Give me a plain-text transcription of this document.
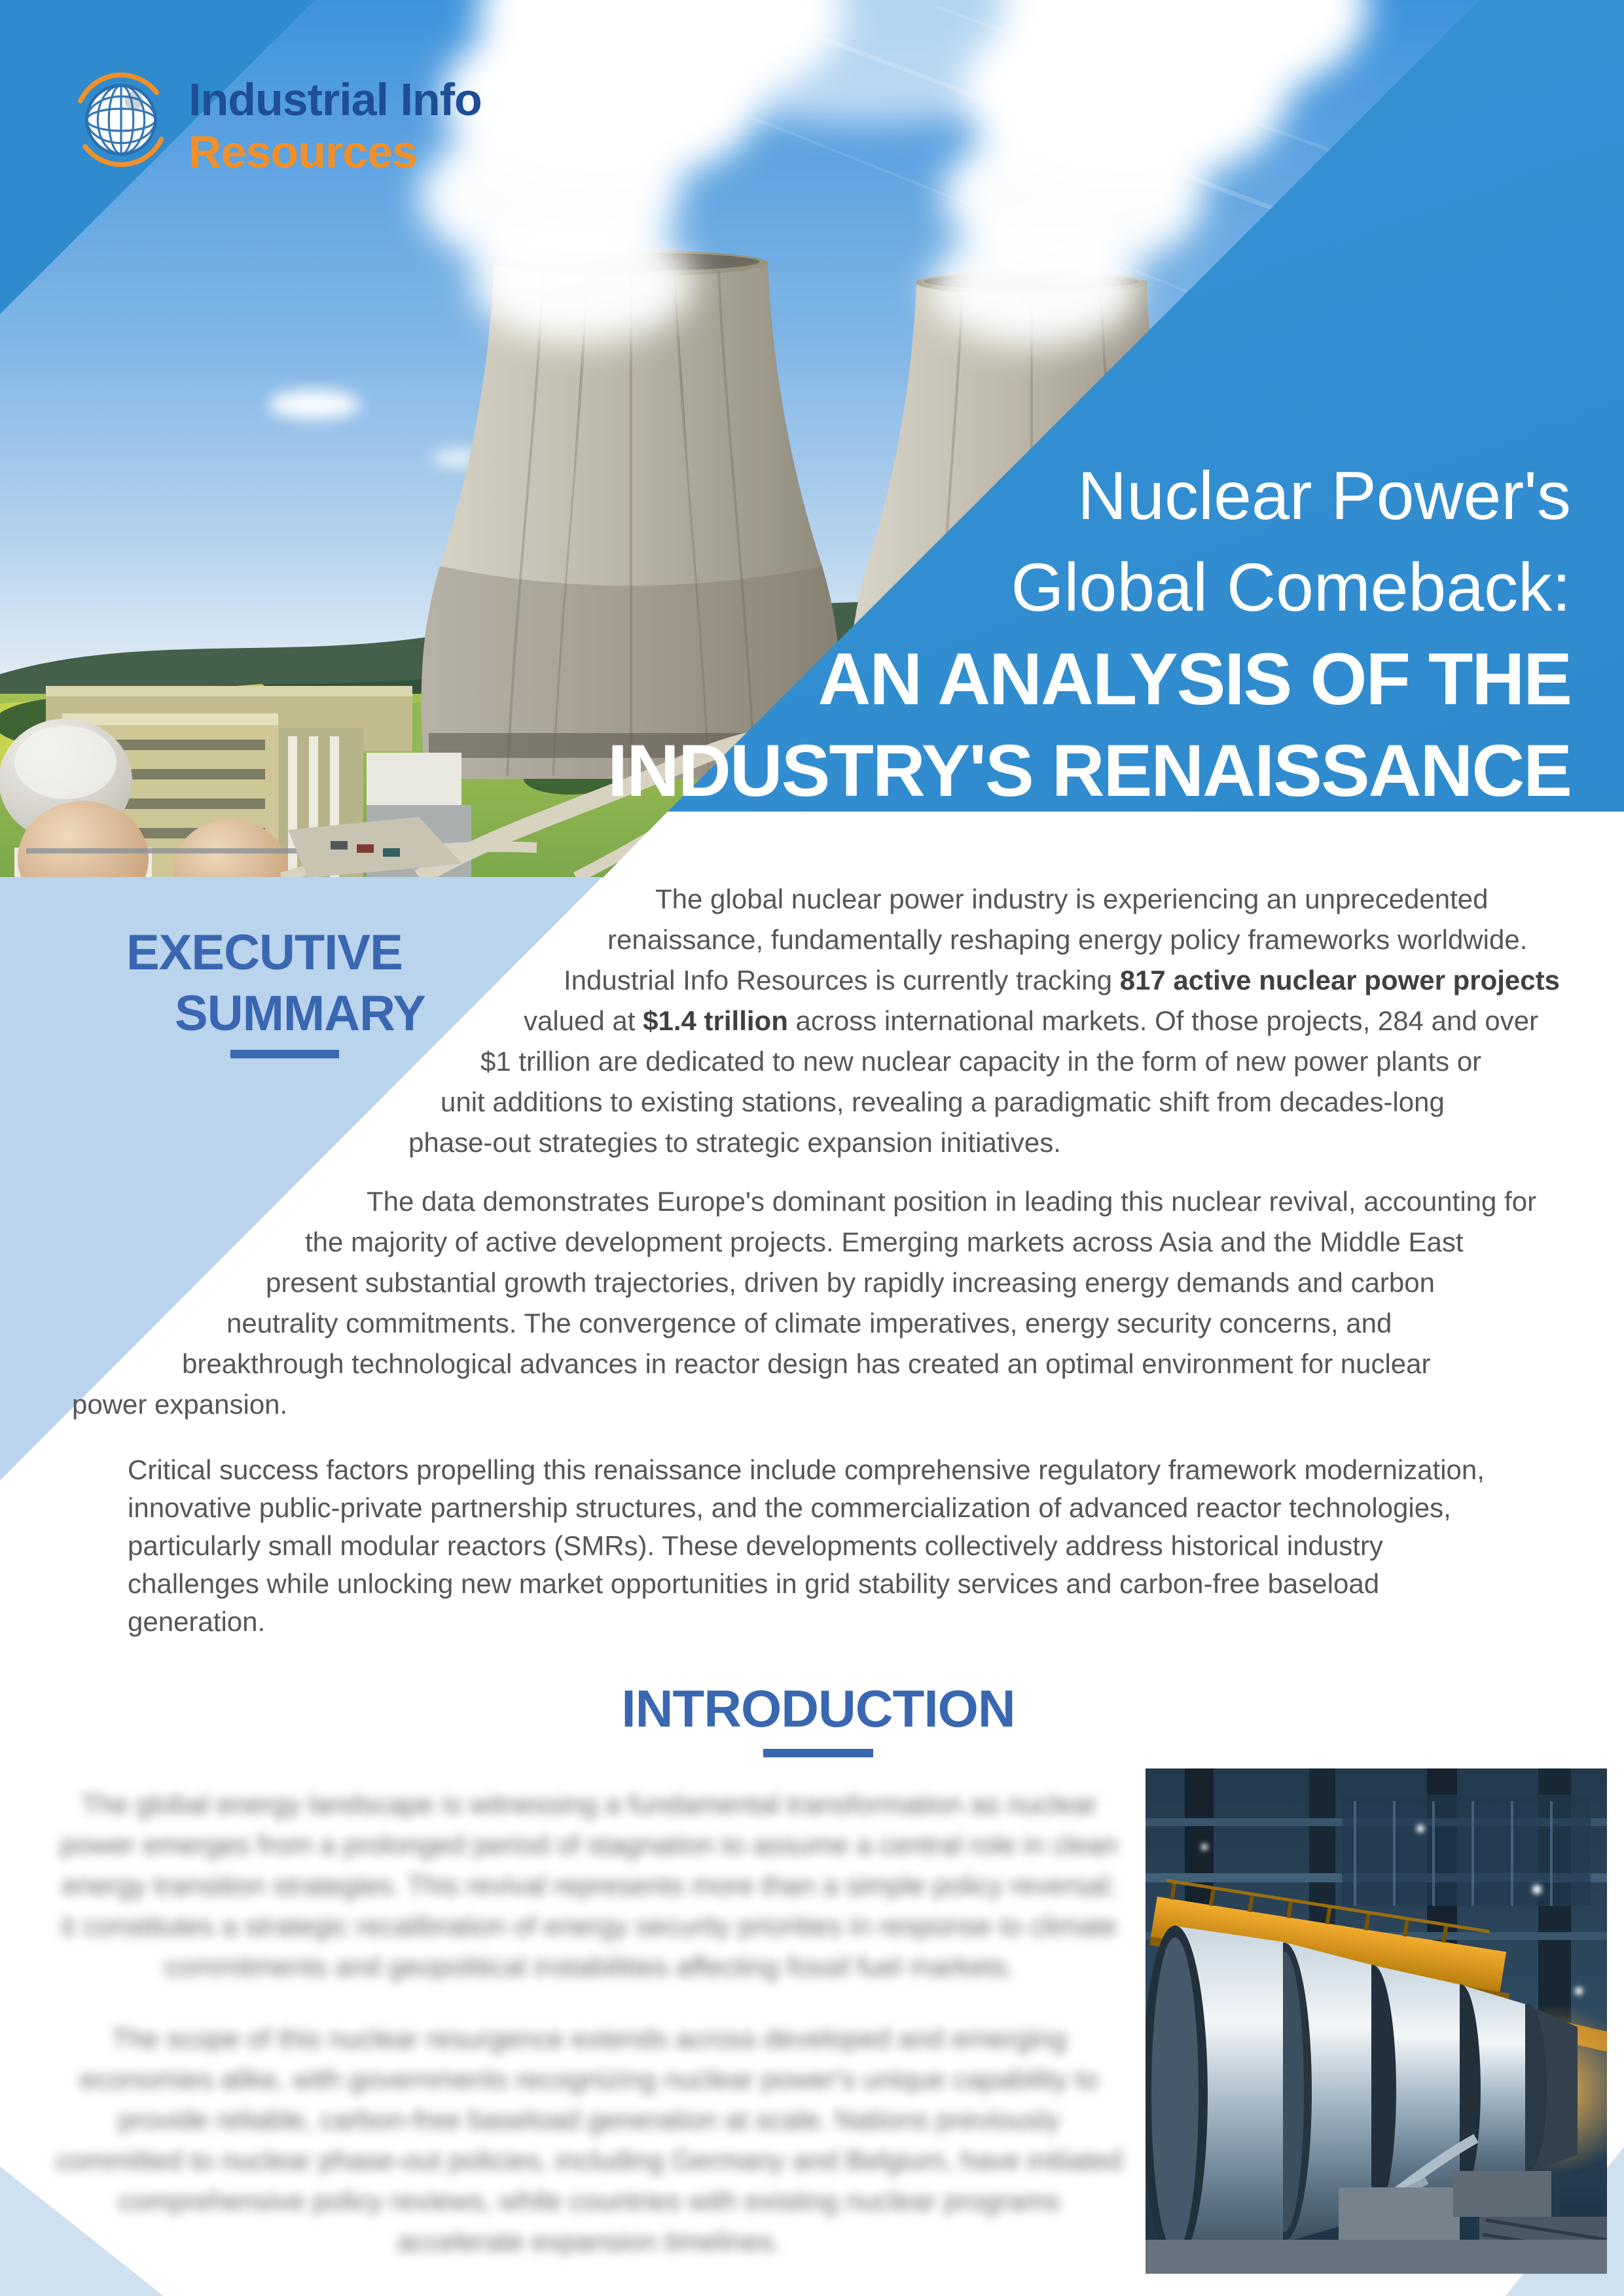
Industrial Info
Resources
Nuclear Power's
Global Comeback:
AN ANALYSIS OF THE
INDUSTRY'S RENAISSANCE
EXECUTIVE
SUMMARY
The global nuclear power industry is experiencing an unprecedented
renaissance, fundamentally reshaping energy policy frameworks worldwide.
Industrial Info Resources is currently tracking 817 active nuclear power projects
valued at $1.4 trillion across international markets. Of those projects, 284 and over
$1 trillion are dedicated to new nuclear capacity in the form of new power plants or
unit additions to existing stations, revealing a paradigmatic shift from decades-long
phase-out strategies to strategic expansion initiatives.
The data demonstrates Europe's dominant position in leading this nuclear revival, accounting for
the majority of active development projects. Emerging markets across Asia and the Middle East
present substantial growth trajectories, driven by rapidly increasing energy demands and carbon
neutrality commitments. The convergence of climate imperatives, energy security concerns, and
breakthrough technological advances in reactor design has created an optimal environment for nuclear
power expansion.
Critical success factors propelling this renaissance include comprehensive regulatory framework modernization,
innovative public-private partnership structures, and the commercialization of advanced reactor technologies,
particularly small modular reactors (SMRs). These developments collectively address historical industry
challenges while unlocking new market opportunities in grid stability services and carbon-free baseload
generation.
INTRODUCTION

The global energy landscape is witnessing a fundamental transformation as nuclear power emerges from a prolonged period of stagnation to assume a central role in clean energy transition strategies. This revival represents more than a simple policy reversal; it constitutes a strategic recalibration of energy security priorities in response to climate commitments and geopolitical instabilities affecting fossil fuel markets.

The scope of this nuclear resurgence extends across developed and emerging economies alike, with governments recognizing nuclear power's unique capability to provide reliable, carbon-free baseload generation at scale. Nations previously committed to nuclear phase-out policies, including Germany and Belgium, have initiated comprehensive policy reviews, while countries with existing nuclear programs accelerate expansion timelines.
